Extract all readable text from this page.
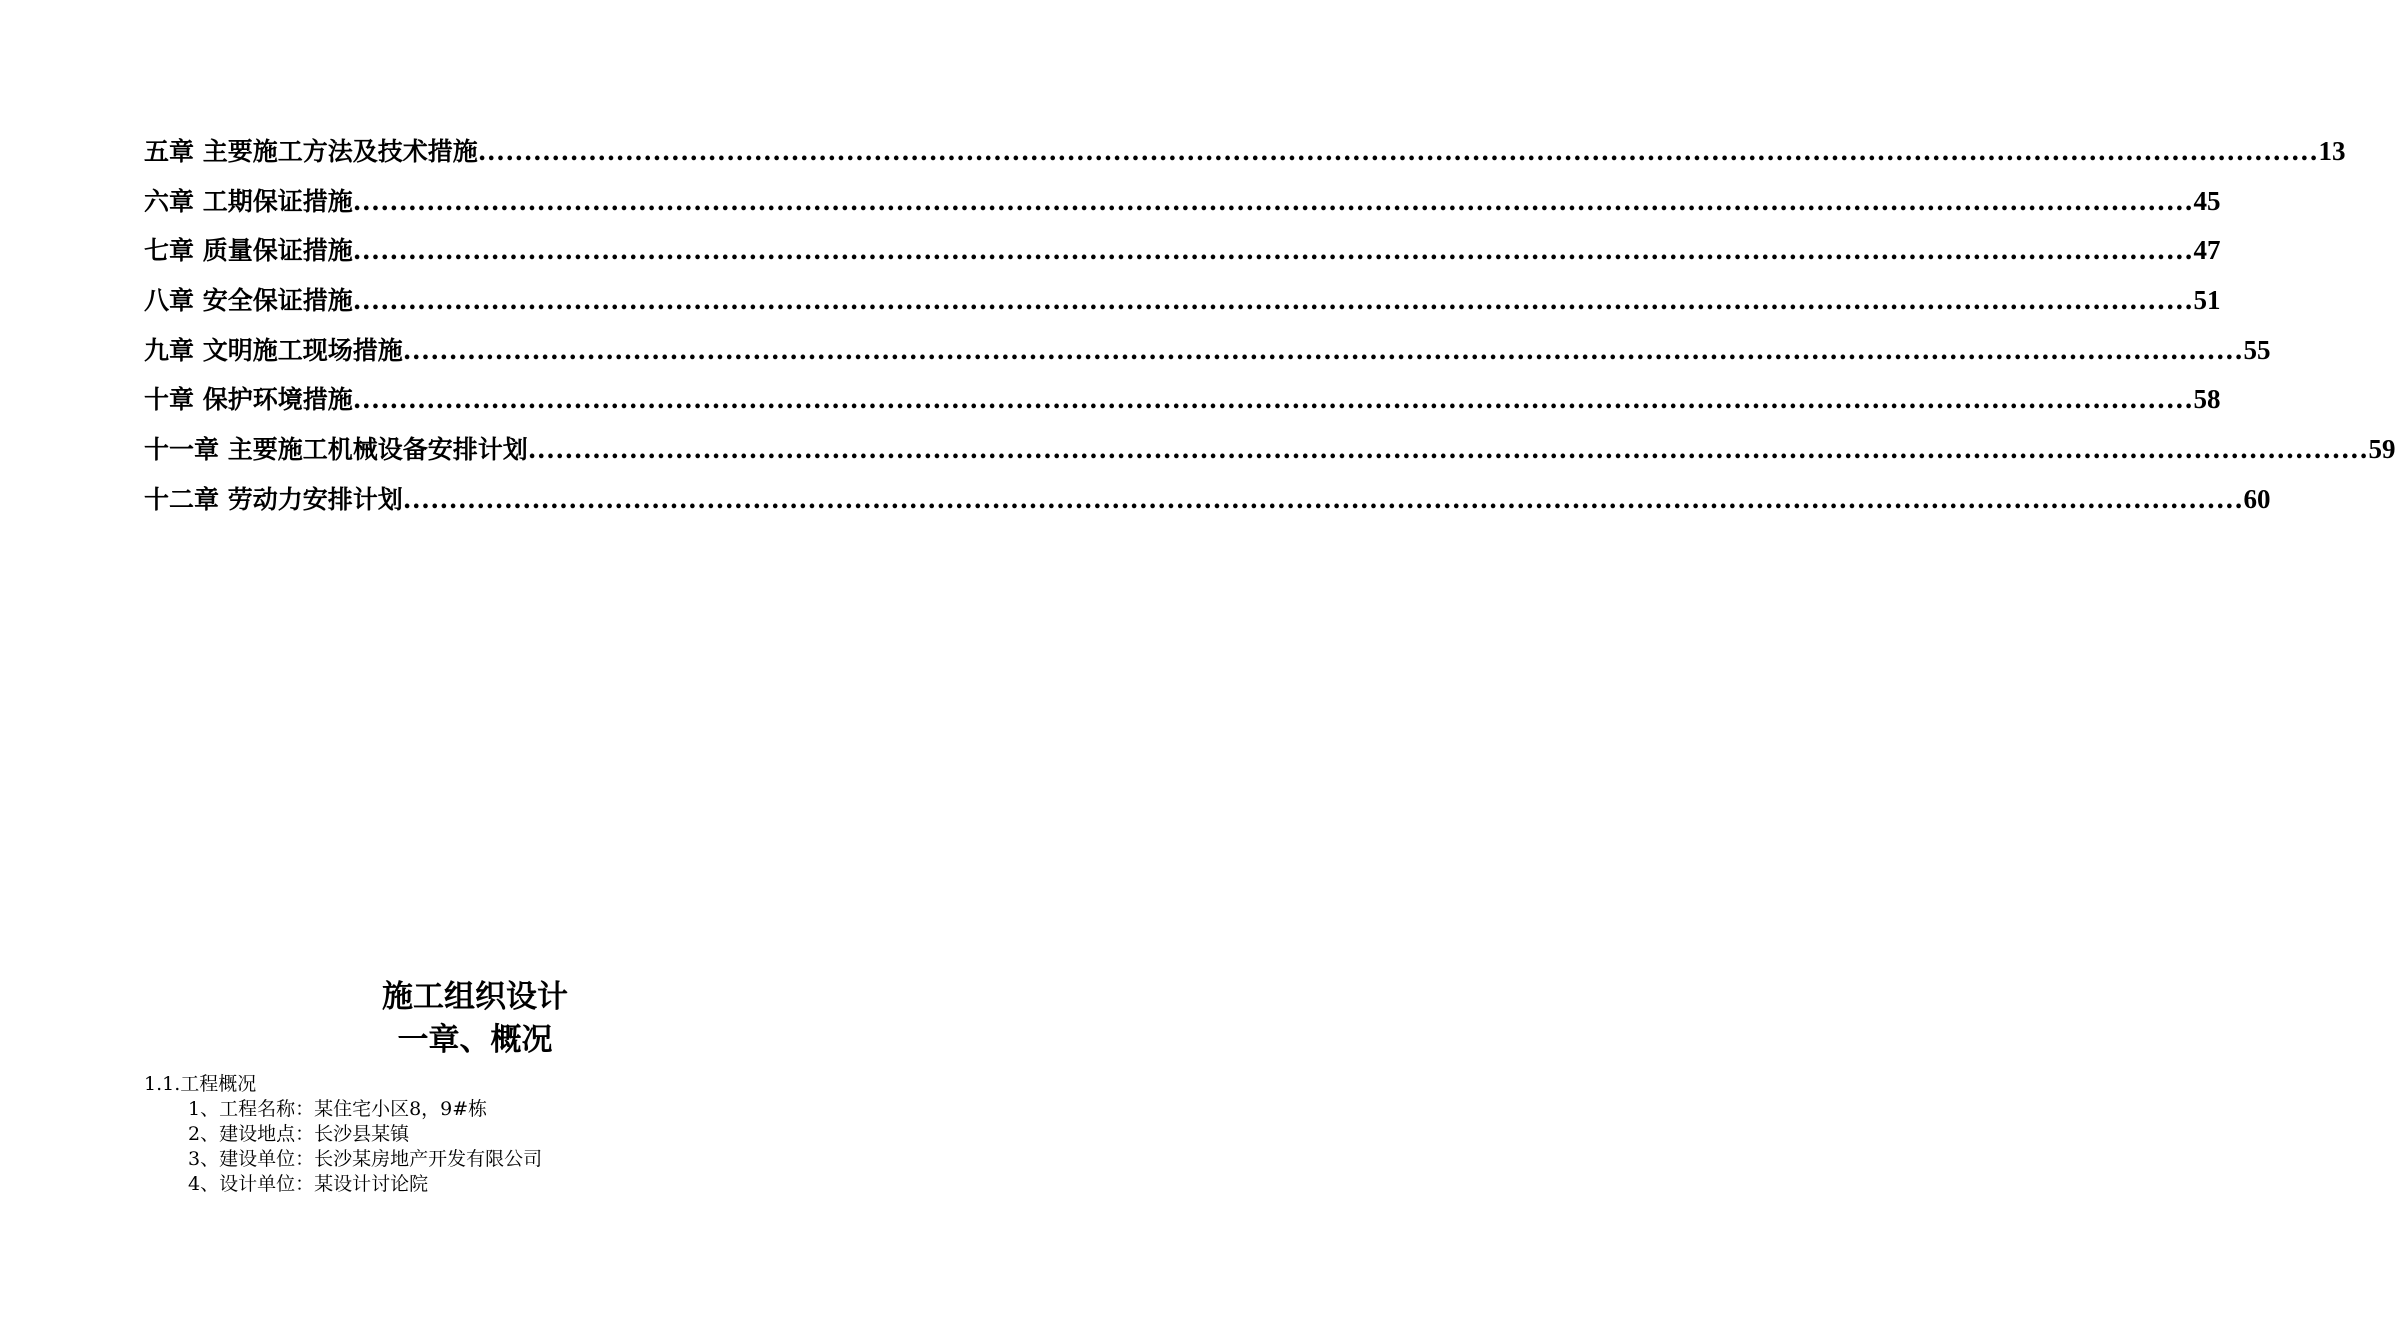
五章 主要施工方法及技术措施 ........................................................................................................................................................................................................ 13
六章 工期保证措施 ........................................................................................................................................................................................................ 45
七章 质量保证措施 ........................................................................................................................................................................................................ 47
八章 安全保证措施 ........................................................................................................................................................................................................ 51
九章 文明施工现场措施 ........................................................................................................................................................................................................ 55
十章 保护环境措施 ........................................................................................................................................................................................................ 58
十一章 主要施工机械设备安排计划 ........................................................................................................................................................................................................ 59
十二章 劳动力安排计划 ........................................................................................................................................................................................................ 60
施工组织设计
一章、概况
1.1.工程概况
1、工程名称：某住宅小区8，9#栋
2、建设地点：长沙县某镇
3、建设单位：长沙某房地产开发有限公司
4、设计单位：某设计讨论院
